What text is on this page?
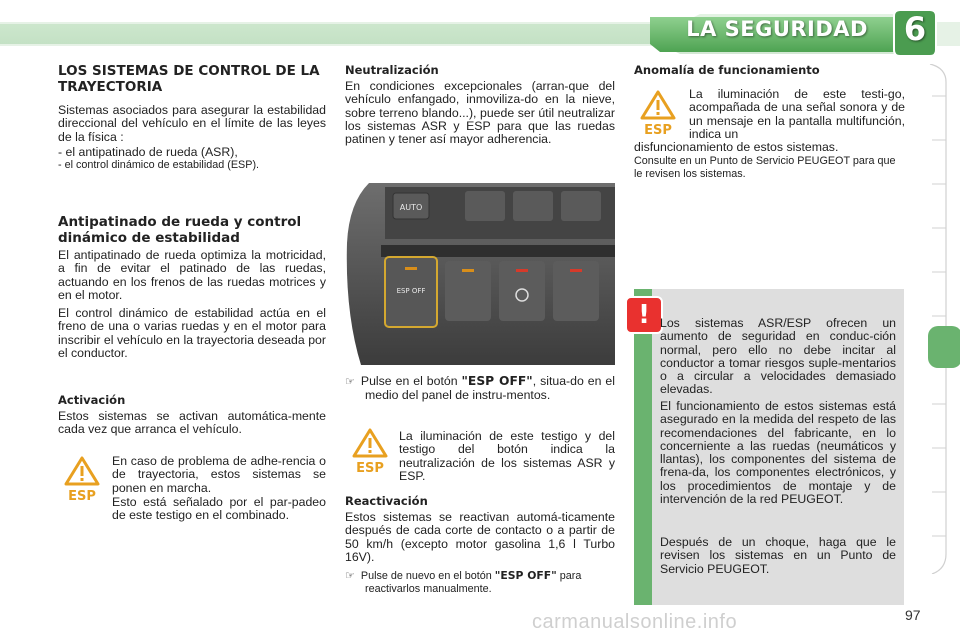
LA SEGURIDAD	6
LOS SISTEMAS DE CONTROL DE LA TRAYECTORIA

Sistemas asociados para asegurar la estabilidad direccional del vehículo en el límite de las leyes de la física :

- el antipatinado de rueda (ASR),

- el control dinámico de estabilidad (ESP).

Antipatinado de rueda y control dinámico de estabilidad

El antipatinado de rueda optimiza la motricidad, a fin de evitar el patinado de las ruedas, actuando en los frenos de las ruedas motrices y en el motor.

El control dinámico de estabilidad actúa en el freno de una o varias ruedas y en el motor para inscribir el vehículo en la trayectoria deseada por el conductor.

Activación

Estos sistemas se activan automática-mente cada vez que arranca el vehículo.

ESP

En caso de problema de adhe-rencia o de trayectoria, estos sistemas se ponen en marcha.

Esto está señalado por el par-padeo de este testigo en el combinado.

Neutralización

En condiciones excepcionales (arran-que del vehículo enfangado, inmoviliza-do en la nieve, sobre terreno blando...), puede ser útil neutralizar los sistemas ASR y ESP para que las ruedas patinen y tener así mayor adherencia.

AUTO
ESP OFF

☞ Pulse en el botón "ESP OFF", situa-do en el medio del panel de instru-mentos.

ESP

La iluminación de este testigo y del testigo del botón indica la neutralización de los sistemas ASR y ESP.

Reactivación

Estos sistemas se reactivan automá-ticamente después de cada corte de contacto o a partir de 50 km/h (excepto motor gasolina 1,6 l Turbo 16V).

☞ Pulse de nuevo en el botón "ESP OFF" para reactivarlos manualmente.

Anomalía de funcionamiento
ESP

La iluminación de este testi-go, acompañada de una señal sonora y de un mensaje en la pantalla multifunción, indica un

disfuncionamiento de estos sistemas.

Consulte en un Punto de Servicio PEUGEOT para que le revisen los sistemas.

! Los sistemas ASR/ESP ofrecen un aumento de seguridad en conduc-ción normal, pero ello no debe incitar al conductor a tomar riesgos suple-mentarios o a circular a velocidades demasiado elevadas.

El funcionamiento de estos sistemas está asegurado en la medida del respeto de las recomendaciones del fabricante, en lo concerniente a las ruedas (neumáticos y llantas), los componentes del sistema de frena-da, los componentes electrónicos, y los procedimientos de montaje y de intervención de la red PEUGEOT.

Después de un choque, haga que le revisen los sistemas en un Punto de Servicio PEUGEOT.

carmanualsonline.info	97
